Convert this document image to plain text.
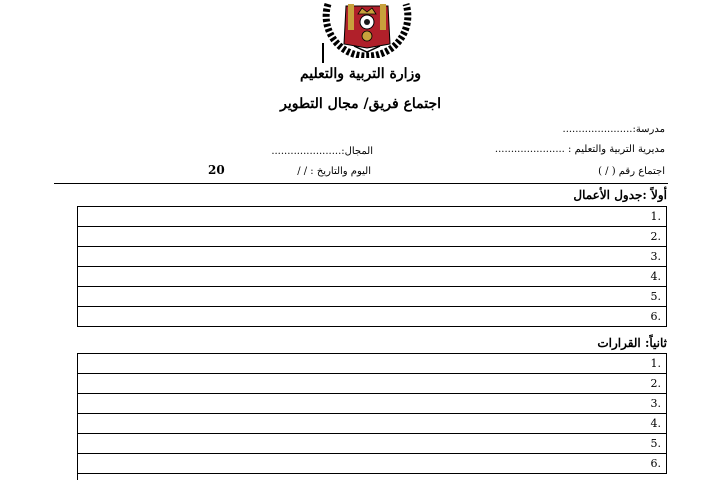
وزارة التربية والتعليم
اجتماع فريق/ مجال التطوير
مدرسة:......................
مديرية التربية والتعليم : ......................
المجال:......................
اجتماع رقم ( / )
اليوم والتاريخ : / /
20
أولاً :جدول الأعمال
1.
2.
3.
4.
5.
6.
ثانياً: القرارات
1.
2.
3.
4.
5.
6.
